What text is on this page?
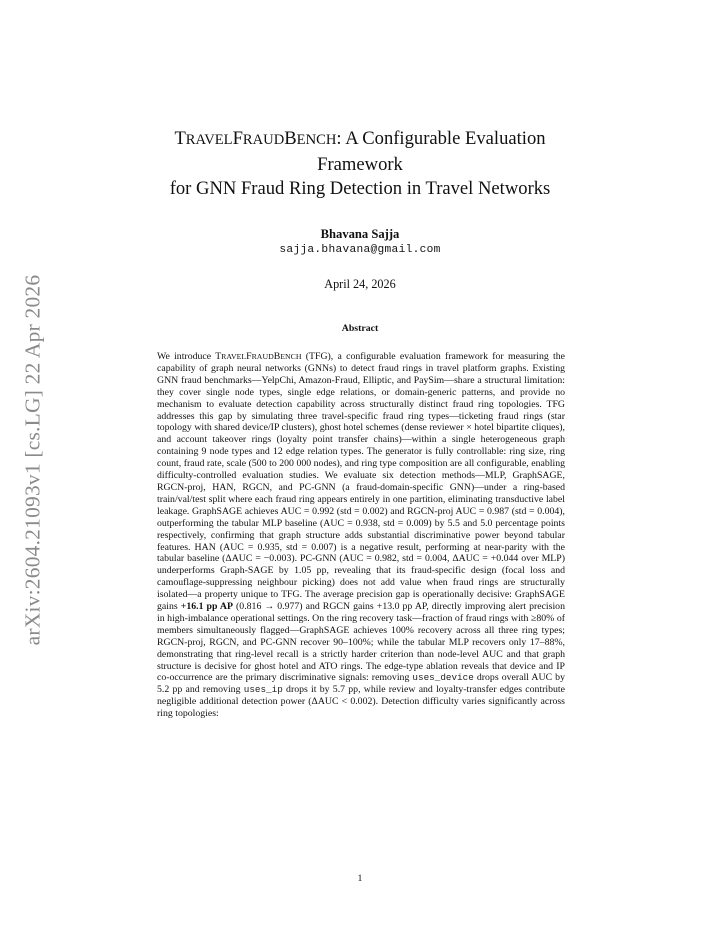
arXiv:2604.21093v1 [cs.LG] 22 Apr 2026
TRAVELFRAUDBENCH: A Configurable Evaluation
Framework
for GNN Fraud Ring Detection in Travel Networks
Bhavana Sajja
sajja.bhavana@gmail.com
April 24, 2026
Abstract
We introduce TRAVELFRAUDBENCH (TFG), a configurable evaluation framework for measuring the capability of graph neural networks (GNNs) to detect fraud rings in travel platform graphs. Existing GNN fraud benchmarks—YelpChi, Amazon-Fraud, Elliptic, and PaySim—share a structural limitation: they cover single node types, single edge relations, or domain-generic patterns, and provide no mechanism to evaluate detection capability across structurally distinct fraud ring topologies. TFG addresses this gap by simulating three travel-specific fraud ring types—ticketing fraud rings (star topology with shared device/IP clusters), ghost hotel schemes (dense reviewer × hotel bipartite cliques), and account takeover rings (loyalty point transfer chains)—within a single heterogeneous graph containing 9 node types and 12 edge relation types. The generator is fully controllable: ring size, ring count, fraud rate, scale (500 to 200 000 nodes), and ring type composition are all configurable, enabling difficulty-controlled evaluation studies. We evaluate six detection methods—MLP, GraphSAGE, RGCN-proj, HAN, RGCN, and PC-GNN (a fraud-domain-specific GNN)—under a ring-based train/val/test split where each fraud ring appears entirely in one partition, eliminating transductive label leakage. GraphSAGE achieves AUC = 0.992 (std = 0.002) and RGCN-proj AUC = 0.987 (std = 0.004), outperforming the tabular MLP baseline (AUC = 0.938, std = 0.009) by 5.5 and 5.0 percentage points respectively, confirming that graph structure adds substantial discriminative power beyond tabular features. HAN (AUC = 0.935, std = 0.007) is a negative result, performing at near-parity with the tabular baseline (ΔAUC = −0.003). PC-GNN (AUC = 0.982, std = 0.004, ΔAUC = +0.044 over MLP) underperforms Graph-SAGE by 1.05 pp, revealing that its fraud-specific design (focal loss and camouflage-suppressing neighbour picking) does not add value when fraud rings are structurally isolated—a property unique to TFG. The average precision gap is operationally decisive: GraphSAGE gains +16.1 pp AP (0.816 → 0.977) and RGCN gains +13.0 pp AP, directly improving alert precision in high-imbalance operational settings. On the ring recovery task—fraction of fraud rings with ≥80% of members simultaneously flagged—GraphSAGE achieves 100% recovery across all three ring types; RGCN-proj, RGCN, and PC-GNN recover 90–100%; while the tabular MLP recovers only 17–88%, demonstrating that ring-level recall is a strictly harder criterion than node-level AUC and that graph structure is decisive for ghost hotel and ATO rings. The edge-type ablation reveals that device and IP co-occurrence are the primary discriminative signals: removing uses_device drops overall AUC by 5.2 pp and removing uses_ip drops it by 5.7 pp, while review and loyalty-transfer edges contribute negligible additional detection power (ΔAUC < 0.002). Detection difficulty varies significantly across ring topologies:
1
